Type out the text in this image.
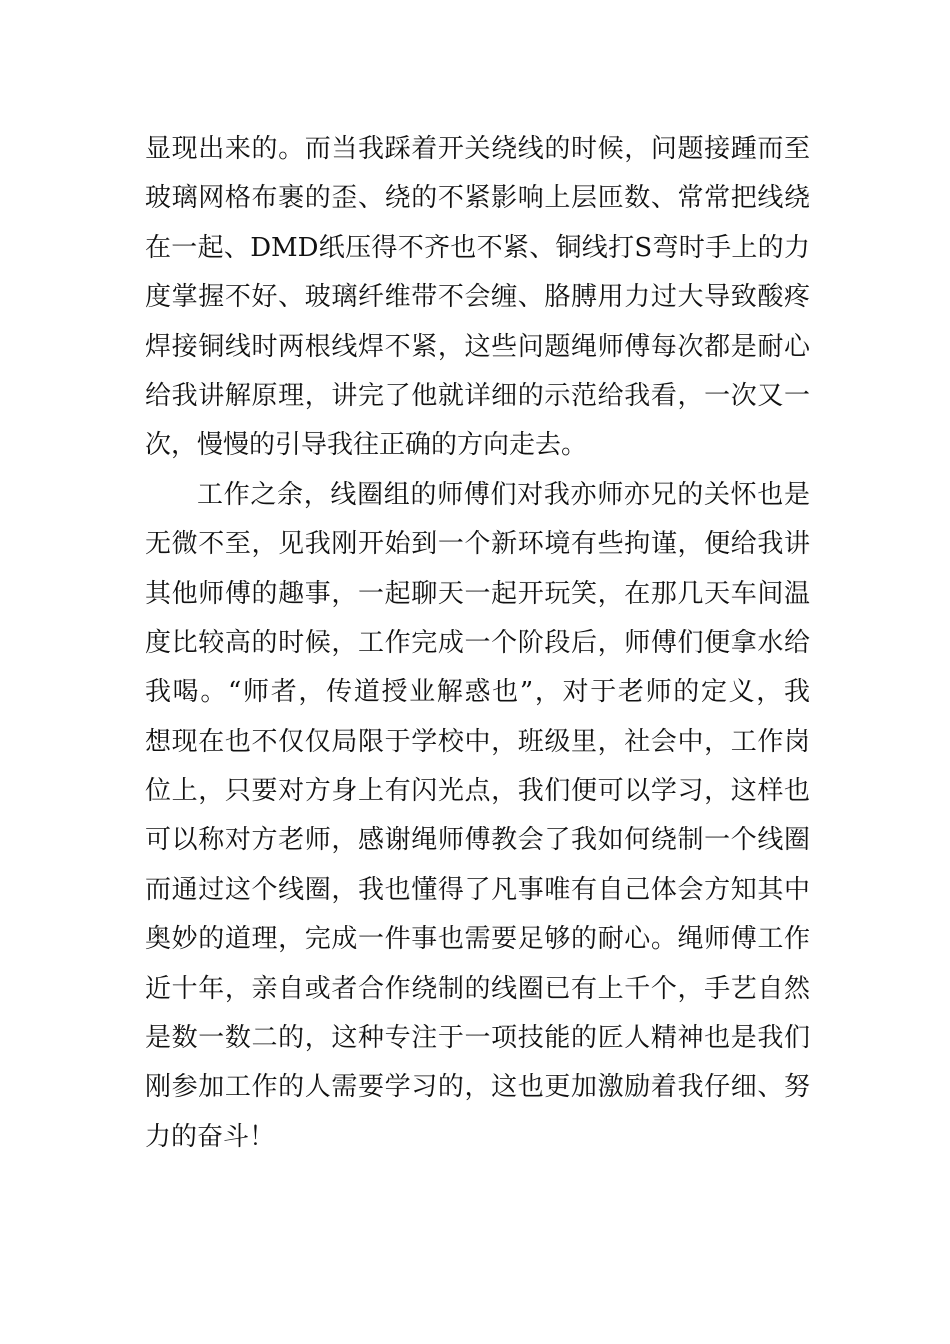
显现出来的。而当我踩着开关绕线的时候，问题接踵而至
玻璃网格布裹的歪、绕的不紧影响上层匝数、常常把线绕
在一起、DMD纸压得不齐也不紧、铜线打S弯时手上的力
度掌握不好、玻璃纤维带不会缠、胳膊用力过大导致酸疼
焊接铜线时两根线焊不紧，这些问题绳师傅每次都是耐心
给我讲解原理，讲完了他就详细的示范给我看，一次又一
次，慢慢的引导我往正确的方向走去。
工作之余，线圈组的师傅们对我亦师亦兄的关怀也是
无微不至，见我刚开始到一个新环境有些拘谨，便给我讲
其他师傅的趣事，一起聊天一起开玩笑，在那几天车间温
度比较高的时候，工作完成一个阶段后，师傅们便拿水给
我喝。“师者，传道授业解惑也”，对于老师的定义，我
想现在也不仅仅局限于学校中，班级里，社会中，工作岗
位上，只要对方身上有闪光点，我们便可以学习，这样也
可以称对方老师，感谢绳师傅教会了我如何绕制一个线圈
而通过这个线圈，我也懂得了凡事唯有自己体会方知其中
奥妙的道理，完成一件事也需要足够的耐心。绳师傅工作
近十年，亲自或者合作绕制的线圈已有上千个，手艺自然
是数一数二的，这种专注于一项技能的匠人精神也是我们
刚参加工作的人需要学习的，这也更加激励着我仔细、努
力的奋斗！
